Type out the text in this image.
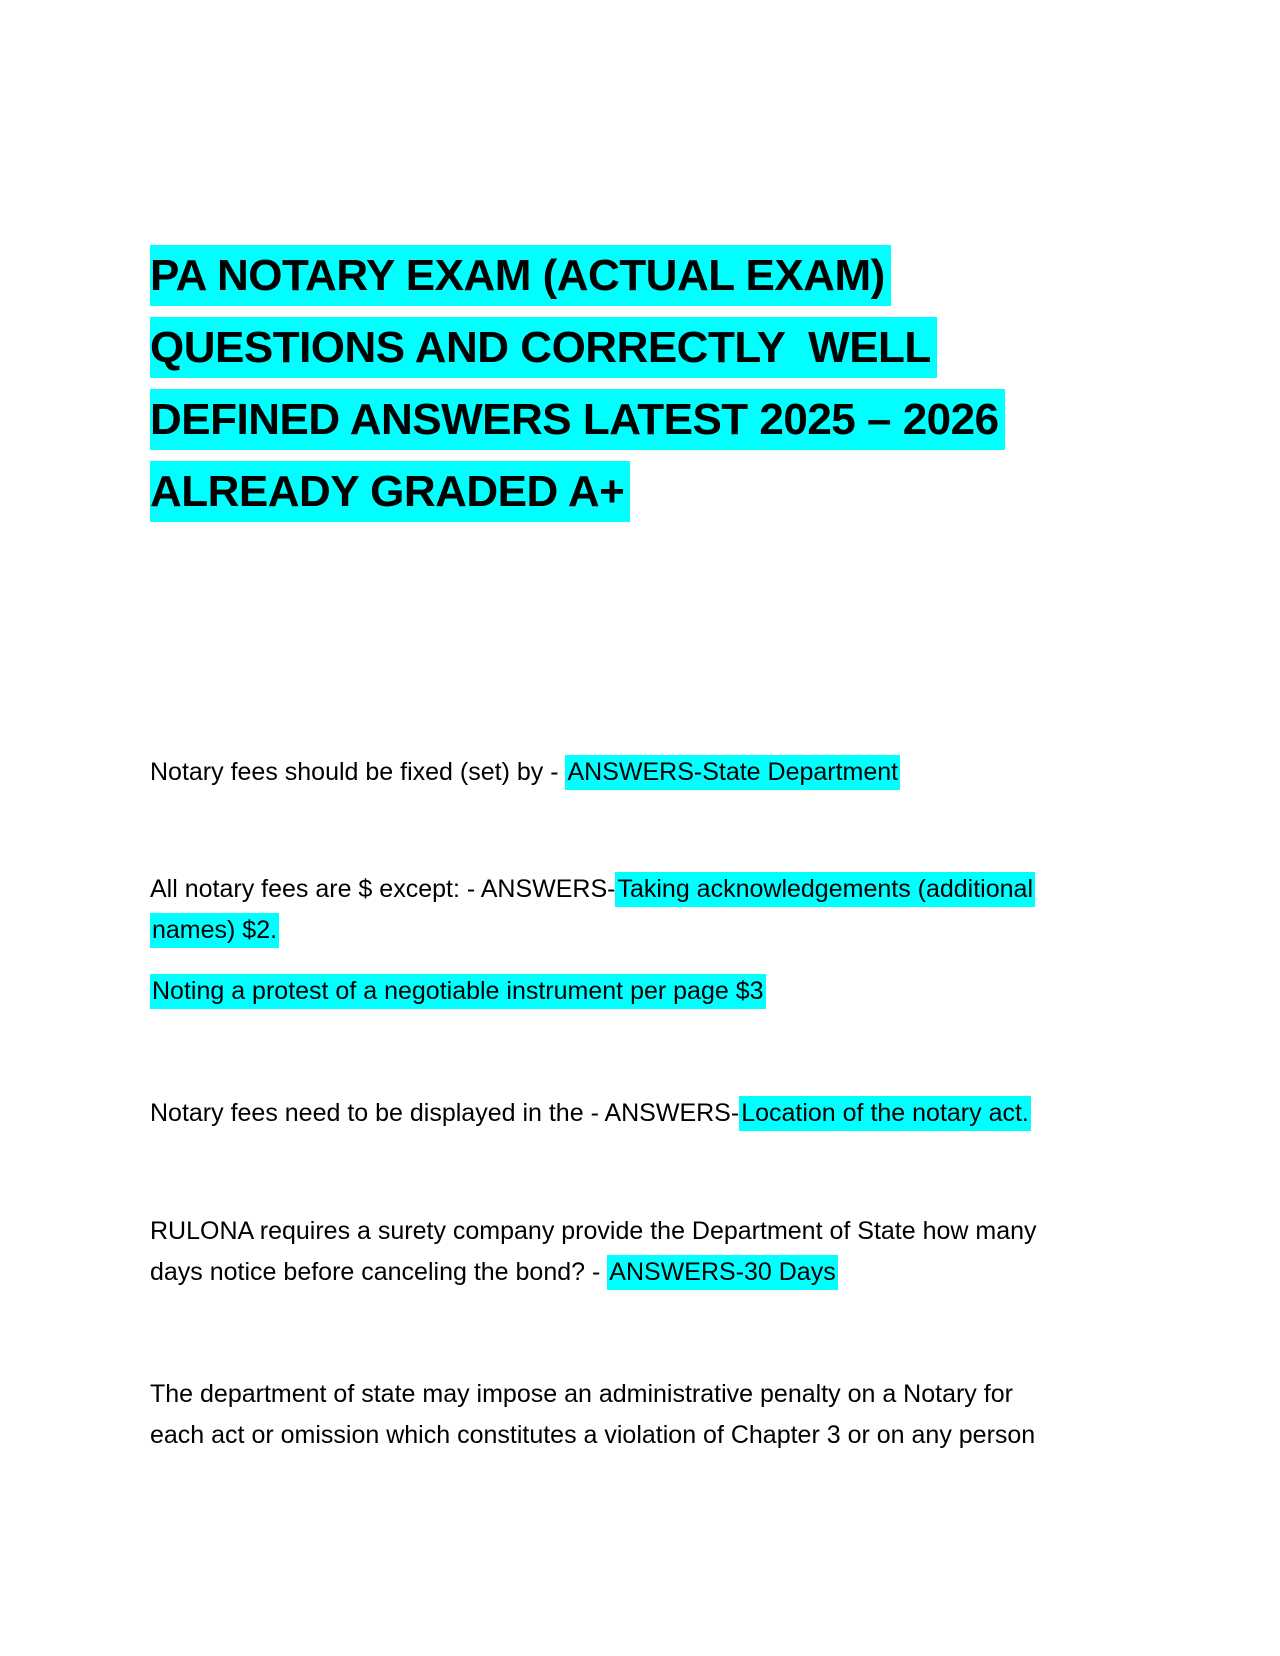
PA NOTARY EXAM (ACTUAL EXAM)
QUESTIONS AND CORRECTLY  WELL
DEFINED ANSWERS LATEST 2025 – 2026
ALREADY GRADED A+

Notary fees should be fixed (set) by - ANSWERS-State Department

All notary fees are $ except: - ANSWERS-Taking acknowledgements (additional

names) $2.

Noting a protest of a negotiable instrument per page $3

Notary fees need to be displayed in the - ANSWERS-Location of the notary act.

RULONA requires a surety company provide the Department of State how many

days notice before canceling the bond? - ANSWERS-30 Days

The department of state may impose an administrative penalty on a Notary for

each act or omission which constitutes a violation of Chapter 3 or on any person
